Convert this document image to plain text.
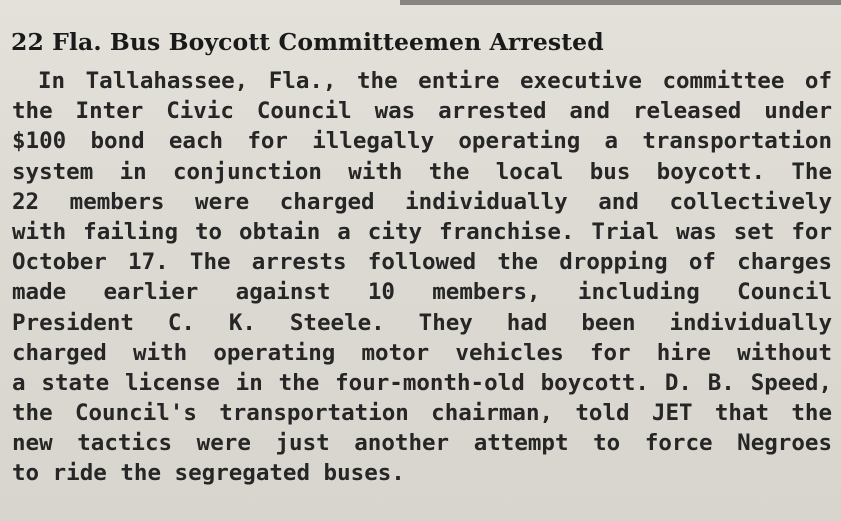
22 Fla. Bus Boycott Committeemen Arrested
In Tallahassee, Fla., the entire executive committee of
the Inter Civic Council was arrested and released under
$100 bond each for illegally operating a transportation
system in conjunction with the local bus boycott. The
22 members were charged individually and collectively
with failing to obtain a city franchise. Trial was set for
October 17. The arrests followed the dropping of charges
made earlier against 10 members, including Council
President C. K. Steele. They had been individually
charged with operating motor vehicles for hire without
a state license in the four-month-old boycott. D. B. Speed,
the Council's transportation chairman, told JET that the
new tactics were just another attempt to force Negroes
to ride the segregated buses.
